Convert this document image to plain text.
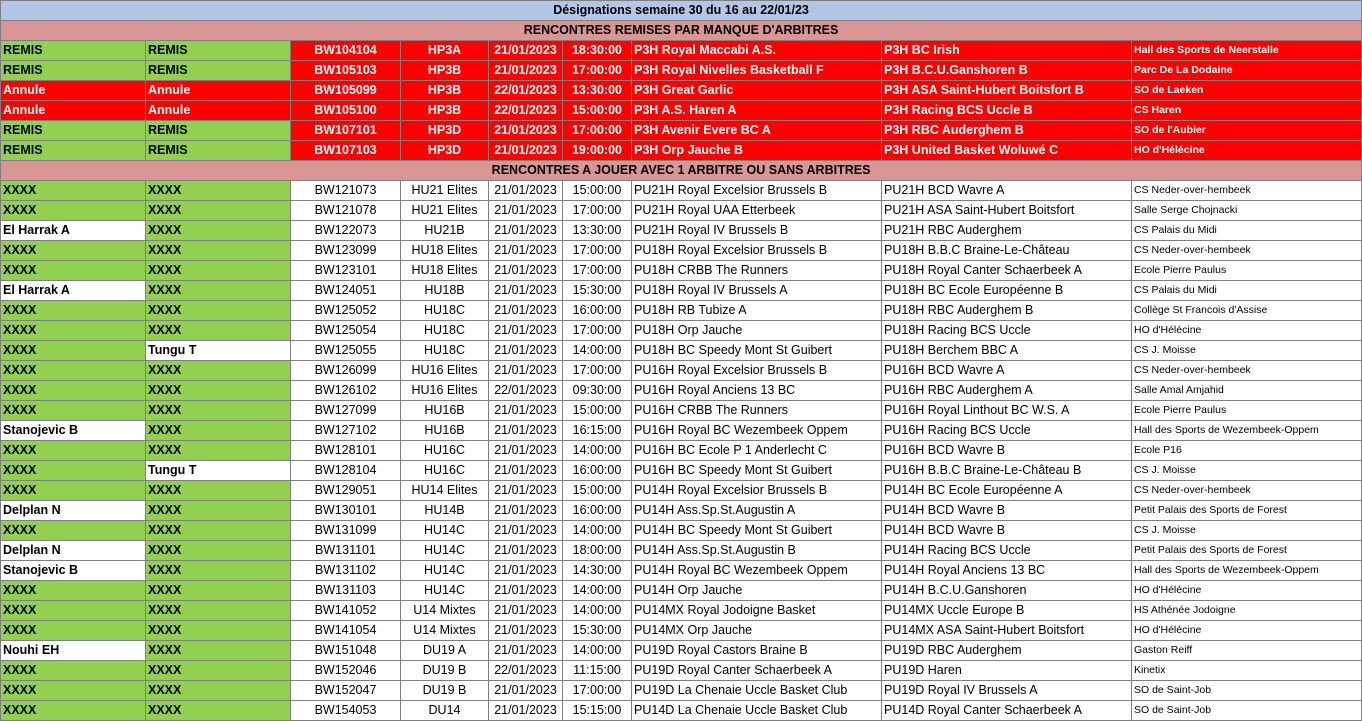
Désignations semaine 30 du 16 au 22/01/23								
RENCONTRES REMISES PAR MANQUE D'ARBITRES								
REMIS	REMIS	BW104104	HP3A	21/01/2023	18:30:00	P3H Royal Maccabi A.S.	P3H BC Irish	Hall des Sports de Neerstalle
REMIS	REMIS	BW105103	HP3B	21/01/2023	17:00:00	P3H Royal Nivelles Basketball F	P3H B.C.U.Ganshoren B	Parc De La Dodaine
Annule	Annule	BW105099	HP3B	22/01/2023	13:30:00	P3H Great Garlic	P3H ASA Saint-Hubert Boitsfort B	SO de Laeken
Annule	Annule	BW105100	HP3B	22/01/2023	15:00:00	P3H A.S. Haren A	P3H Racing BCS Uccle B	CS Haren
REMIS	REMIS	BW107101	HP3D	21/01/2023	17:00:00	P3H Avenir Evere BC A	P3H RBC Auderghem B	SO de l'Aubier
REMIS	REMIS	BW107103	HP3D	21/01/2023	19:00:00	P3H Orp Jauche B	P3H United Basket Woluwé C	HO d'Hélécine
RENCONTRES A JOUER AVEC 1 ARBITRE OU SANS ARBITRES								
XXXX	XXXX	BW121073	HU21 Elites	21/01/2023	15:00:00	PU21H Royal Excelsior Brussels B	PU21H BCD Wavre A	CS Neder-over-hembeek
XXXX	XXXX	BW121078	HU21 Elites	21/01/2023	17:00:00	PU21H Royal UAA Etterbeek	PU21H ASA Saint-Hubert Boitsfort	Salle Serge Chojnacki
El Harrak A	XXXX	BW122073	HU21B	21/01/2023	13:30:00	PU21H Royal IV Brussels B	PU21H RBC Auderghem	CS Palais du Midi
XXXX	XXXX	BW123099	HU18 Elites	21/01/2023	17:00:00	PU18H Royal Excelsior Brussels B	PU18H B.B.C Braine-Le-Château	CS Neder-over-hembeek
XXXX	XXXX	BW123101	HU18 Elites	21/01/2023	17:00:00	PU18H CRBB The Runners	PU18H Royal Canter Schaerbeek A	Ecole Pierre Paulus
El Harrak A	XXXX	BW124051	HU18B	21/01/2023	15:30:00	PU18H Royal IV Brussels A	PU18H BC Ecole Européenne B	CS Palais du Midi
XXXX	XXXX	BW125052	HU18C	21/01/2023	16:00:00	PU18H RB Tubize A	PU18H RBC Auderghem B	Collège St Francois d'Assise
XXXX	XXXX	BW125054	HU18C	21/01/2023	17:00:00	PU18H Orp Jauche	PU18H Racing BCS Uccle	HO d'Hélécine
XXXX	Tungu T	BW125055	HU18C	21/01/2023	14:00:00	PU18H BC Speedy Mont St Guibert	PU18H Berchem BBC A	CS J. Moisse
XXXX	XXXX	BW126099	HU16 Elites	21/01/2023	17:00:00	PU16H Royal Excelsior Brussels B	PU16H BCD Wavre A	CS Neder-over-hembeek
XXXX	XXXX	BW126102	HU16 Elites	22/01/2023	09:30:00	PU16H Royal Anciens 13 BC	PU16H RBC Auderghem A	Salle Amal Amjahid
XXXX	XXXX	BW127099	HU16B	21/01/2023	15:00:00	PU16H CRBB The Runners	PU16H Royal Linthout BC W.S. A	Ecole Pierre Paulus
Stanojevic B	XXXX	BW127102	HU16B	21/01/2023	16:15:00	PU16H Royal BC Wezembeek Oppem	PU16H Racing BCS Uccle	Hall des Sports de Wezembeek-Oppem
XXXX	XXXX	BW128101	HU16C	21/01/2023	14:00:00	PU16H BC Ecole P 1 Anderlecht C	PU16H BCD Wavre B	Ecole P16
XXXX	Tungu T	BW128104	HU16C	21/01/2023	16:00:00	PU16H BC Speedy Mont St Guibert	PU16H B.B.C Braine-Le-Château B	CS J. Moisse
XXXX	XXXX	BW129051	HU14 Elites	21/01/2023	15:00:00	PU14H Royal Excelsior Brussels B	PU14H BC Ecole Européenne A	CS Neder-over-hembeek
Delplan N	XXXX	BW130101	HU14B	21/01/2023	16:00:00	PU14H Ass.Sp.St.Augustin A	PU14H BCD Wavre B	Petit Palais des Sports de Forest
XXXX	XXXX	BW131099	HU14C	21/01/2023	14:00:00	PU14H BC Speedy Mont St Guibert	PU14H BCD Wavre B	CS J. Moisse
Delplan N	XXXX	BW131101	HU14C	21/01/2023	18:00:00	PU14H Ass.Sp.St.Augustin B	PU14H Racing BCS Uccle	Petit Palais des Sports de Forest
Stanojevic B	XXXX	BW131102	HU14C	21/01/2023	14:30:00	PU14H Royal BC Wezembeek Oppem	PU14H Royal Anciens 13 BC	Hall des Sports de Wezembeek-Oppem
XXXX	XXXX	BW131103	HU14C	21/01/2023	14:00:00	PU14H Orp Jauche	PU14H B.C.U.Ganshoren	HO d'Hélécine
XXXX	XXXX	BW141052	U14 Mixtes	21/01/2023	14:00:00	PU14MX Royal Jodoigne Basket	PU14MX Uccle Europe B	HS Athénée Jodoigne
XXXX	XXXX	BW141054	U14 Mixtes	21/01/2023	15:30:00	PU14MX Orp Jauche	PU14MX ASA Saint-Hubert Boitsfort	HO d'Hélécine
Nouhi EH	XXXX	BW151048	DU19 A	21/01/2023	14:00:00	PU19D Royal Castors Braine B	PU19D RBC Auderghem	Gaston Reiff
XXXX	XXXX	BW152046	DU19 B	22/01/2023	11:15:00	PU19D Royal Canter Schaerbeek A	PU19D Haren	Kinetix
XXXX	XXXX	BW152047	DU19 B	21/01/2023	17:00:00	PU19D La Chenaie Uccle Basket Club	PU19D Royal IV Brussels A	SO de Saint-Job
XXXX	XXXX	BW154053	DU14	21/01/2023	15:15:00	PU14D La Chenaie Uccle Basket Club	PU14D Royal Canter Schaerbeek A	SO de Saint-Job
